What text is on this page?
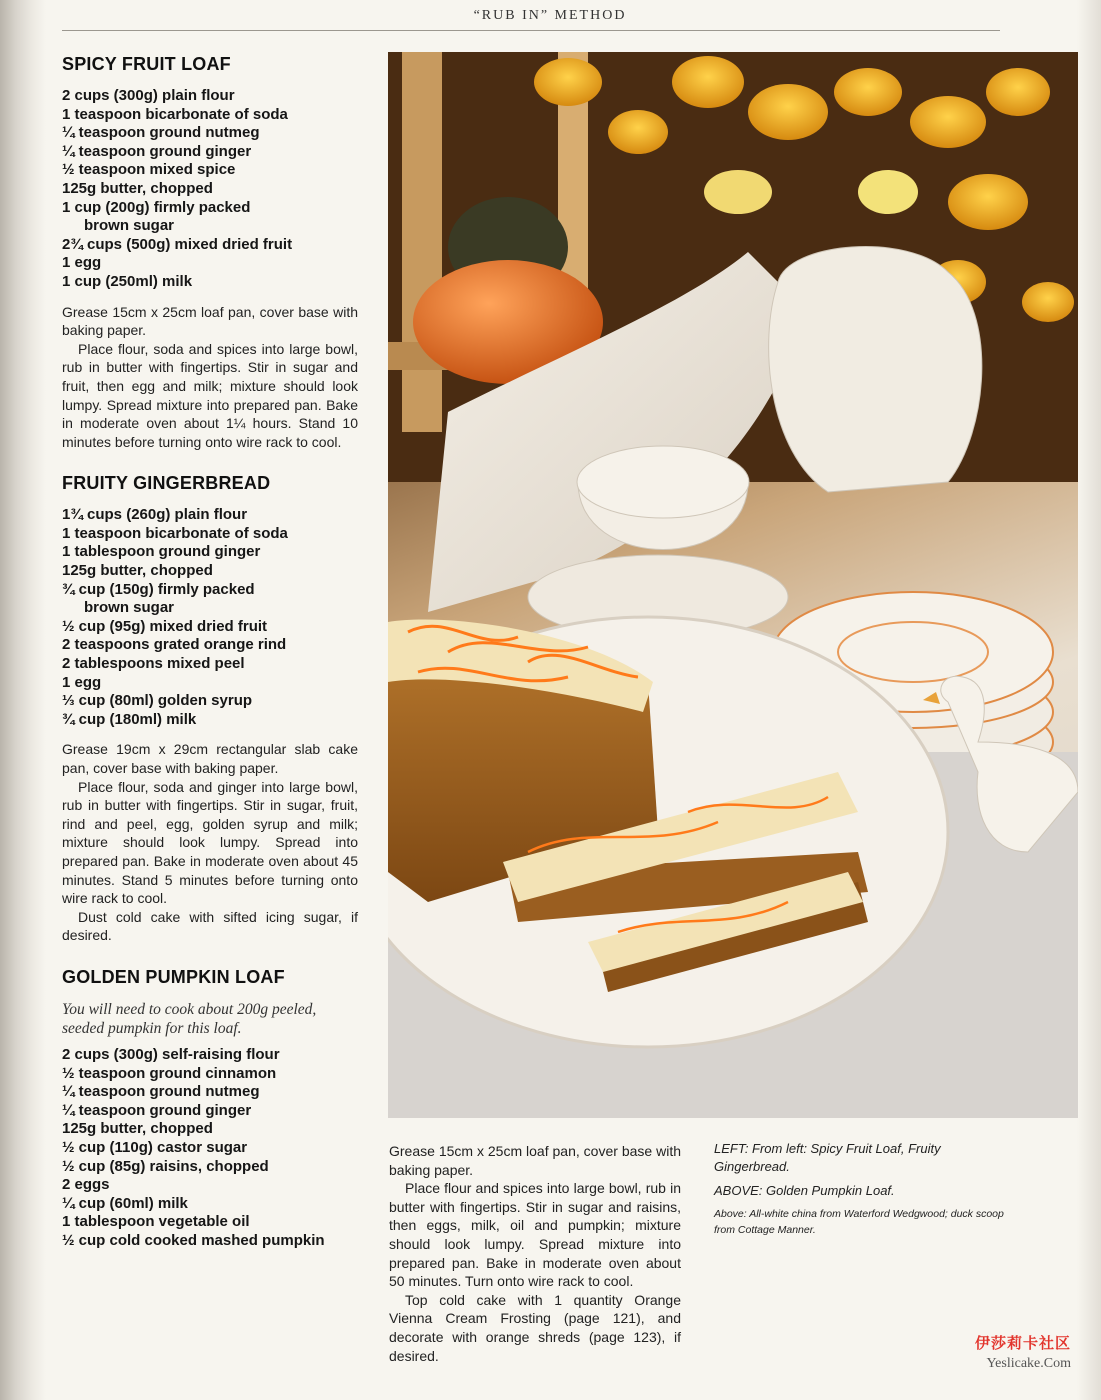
“RUB IN” METHOD
SPICY FRUIT LOAF
2 cups (300g) plain flour
1 teaspoon bicarbonate of soda
¼ teaspoon ground nutmeg
¼ teaspoon ground ginger
½ teaspoon mixed spice
125g butter, chopped
1 cup (200g) firmly packed
brown sugar
2¾ cups (500g) mixed dried fruit
1 egg
1 cup (250ml) milk

Grease 15cm x 25cm loaf pan, cover base with baking paper.

Place flour, soda and spices into large bowl, rub in butter with fingertips. Stir in sugar and fruit, then egg and milk; mixture should look lumpy. Spread mixture into prepared pan. Bake in moderate oven about 1¼ hours. Stand 10 minutes before turning onto wire rack to cool.

FRUITY GINGERBREAD
1¾ cups (260g) plain flour
1 teaspoon bicarbonate of soda
1 tablespoon ground ginger
125g butter, chopped
¾ cup (150g) firmly packed
brown sugar
½ cup (95g) mixed dried fruit
2 teaspoons grated orange rind
2 tablespoons mixed peel
1 egg
⅓ cup (80ml) golden syrup
¾ cup (180ml) milk

Grease 19cm x 29cm rectangular slab cake pan, cover base with baking paper.

Place flour, soda and ginger into large bowl, rub in butter with fingertips. Stir in sugar, fruit, rind and peel, egg, golden syrup and milk; mixture should look lumpy. Spread into prepared pan. Bake in moderate oven about 45 minutes. Stand 5 minutes before turning onto wire rack to cool.

Dust cold cake with sifted icing sugar, if desired.

GOLDEN PUMPKIN LOAF

You will need to cook about 200g peeled, seeded pumpkin for this loaf.

2 cups (300g) self-raising flour
½ teaspoon ground cinnamon
¼ teaspoon ground nutmeg
¼ teaspoon ground ginger
125g butter, chopped
½ cup (110g) castor sugar
½ cup (85g) raisins, chopped
2 eggs
¼ cup (60ml) milk
1 tablespoon vegetable oil
½ cup cold cooked mashed pumpkin

Grease 15cm x 25cm loaf pan, cover base with baking paper.

Place flour and spices into large bowl, rub in butter with fingertips. Stir in sugar and raisins, then eggs, milk, oil and pumpkin; mixture should look lumpy. Spread mixture into prepared pan. Bake in moderate oven about 50 minutes. Turn onto wire rack to cool.

Top cold cake with 1 quantity Orange Vienna Cream Frosting (page 121), and decorate with orange shreds (page 123), if desired.

LEFT: From left: Spicy Fruit Loaf, Fruity Gingerbread.

ABOVE: Golden Pumpkin Loaf.

Above: All-white china from Waterford Wedgwood; duck scoop from Cottage Manner.

伊莎莉卡社区
Yeslicake.Com
